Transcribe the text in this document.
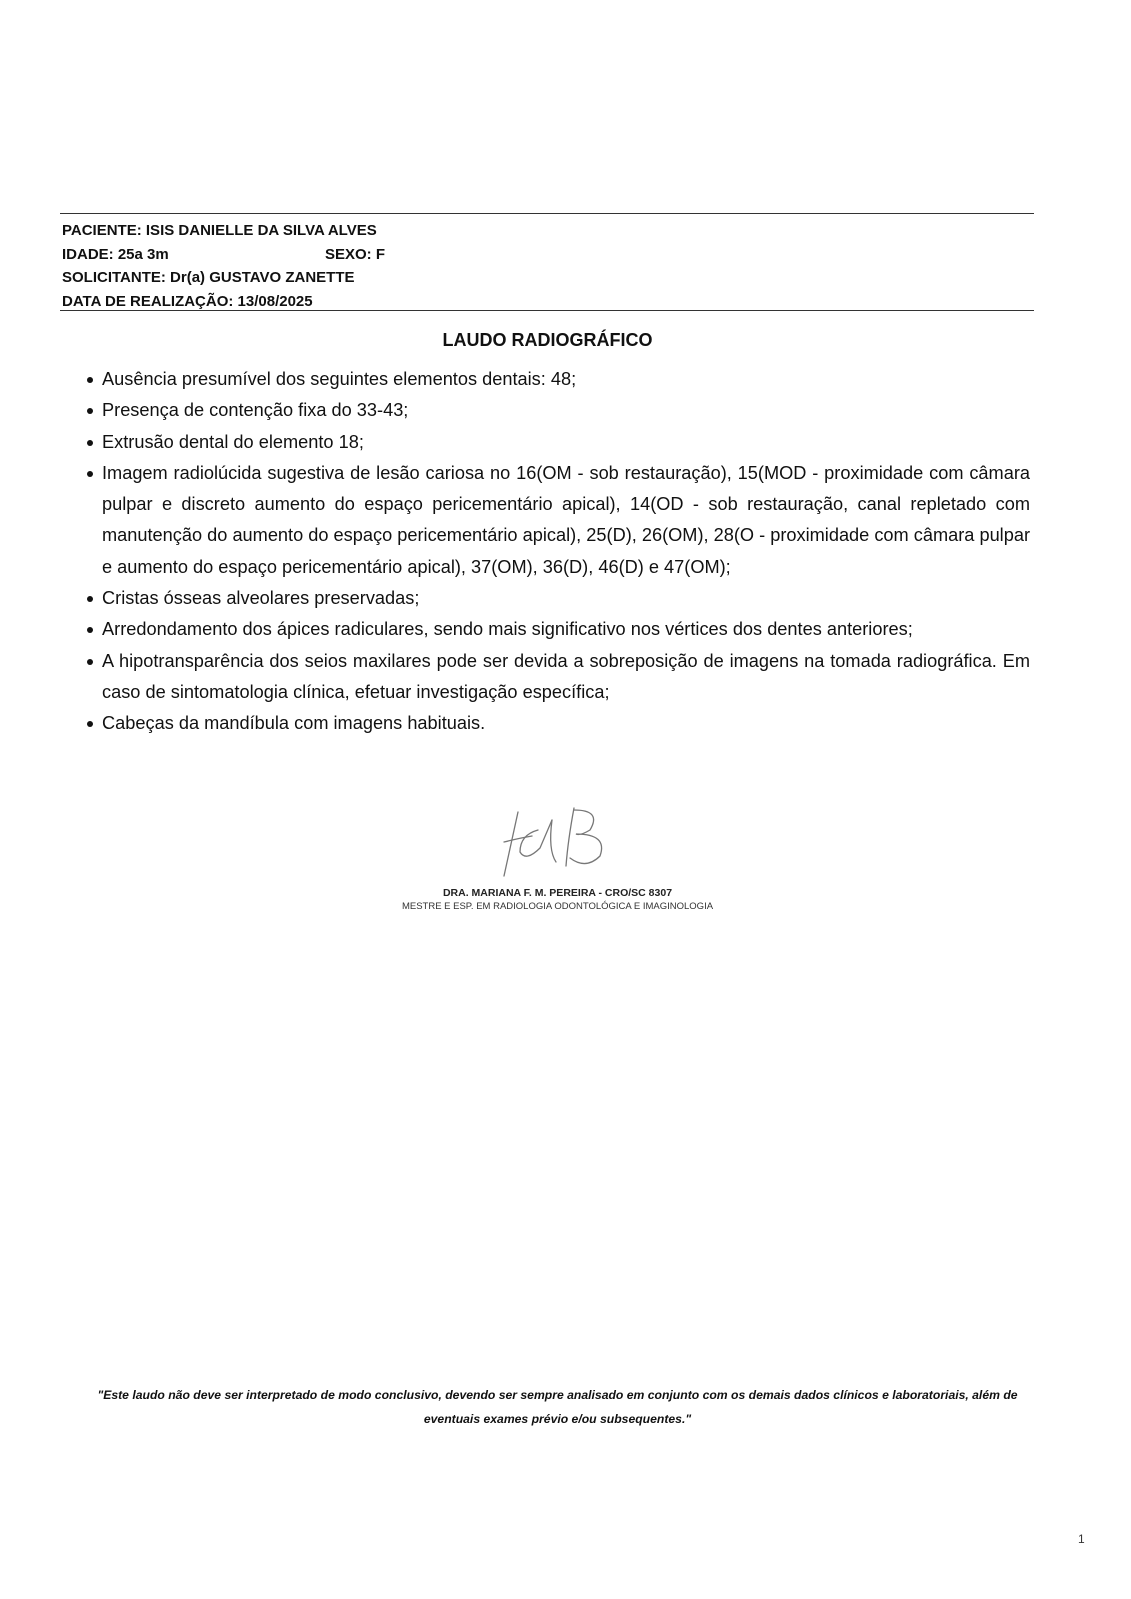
PACIENTE: ISIS DANIELLE DA SILVA ALVES
IDADE: 25a 3m	SEXO: F
SOLICITANTE: Dr(a) GUSTAVO ZANETTE
DATA DE REALIZAÇÃO: 13/08/2025
LAUDO RADIOGRÁFICO
Ausência presumível dos seguintes elementos dentais: 48;
Presença de contenção fixa do 33-43;
Extrusão dental do elemento 18;
Imagem radiolúcida sugestiva de lesão cariosa no 16(OM - sob restauração), 15(MOD - proximidade com câmara pulpar e discreto aumento do espaço pericementário apical), 14(OD - sob restauração, canal repletado com manutenção do aumento do espaço pericementário apical), 25(D), 26(OM), 28(O - proximidade com câmara pulpar e aumento do espaço pericementário apical), 37(OM), 36(D), 46(D) e 47(OM);
Cristas ósseas alveolares preservadas;
Arredondamento dos ápices radiculares, sendo mais significativo nos vértices dos dentes anteriores;
A hipotransparência dos seios maxilares pode ser devida a sobreposição de imagens na tomada radiográfica. Em caso de sintomatologia clínica, efetuar investigação específica;
Cabeças da mandíbula com imagens habituais.
DRA. MARIANA F. M. PEREIRA - CRO/SC 8307
MESTRE E ESP. EM RADIOLOGIA ODONTOLÓGICA E IMAGINOLOGIA
"Este laudo não deve ser interpretado de modo conclusivo, devendo ser sempre analisado em conjunto com os demais dados clínicos e laboratoriais, além de eventuais exames prévio e/ou subsequentes."
1
